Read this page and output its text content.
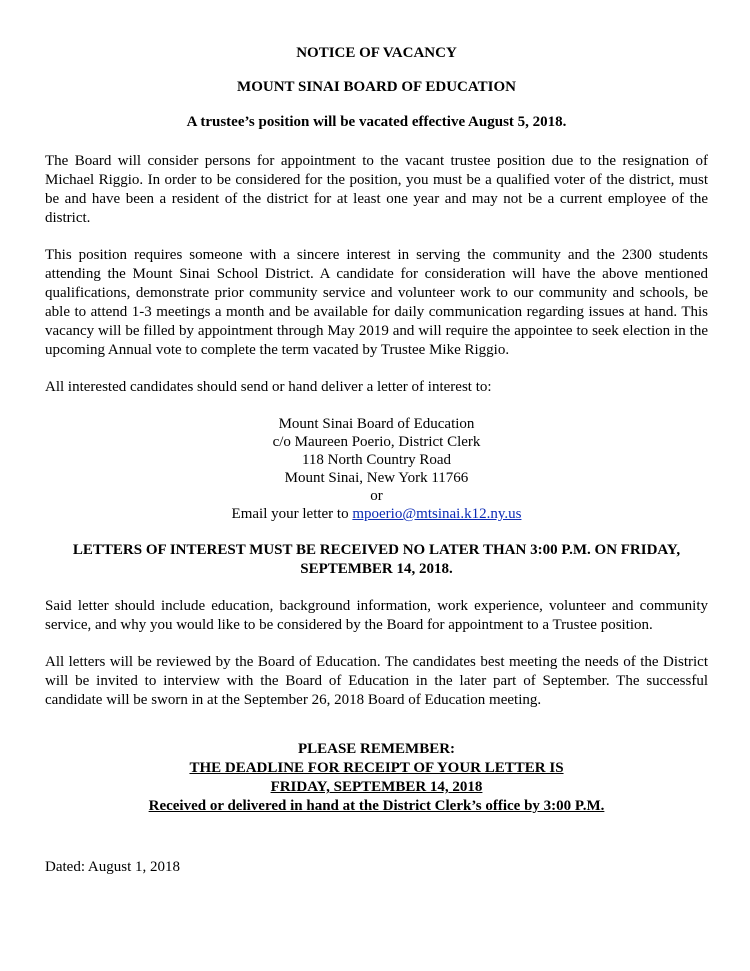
NOTICE OF VACANCY
MOUNT SINAI BOARD OF EDUCATION
A trustee’s position will be vacated effective August 5, 2018.

The Board will consider persons for appointment to the vacant trustee position due to the resignation of Michael Riggio. In order to be considered for the position, you must be a qualified voter of the district, must be and have been a resident of the district for at least one year and may not be a current employee of the district.

This position requires someone with a sincere interest in serving the community and the 2300 students attending the Mount Sinai School District. A candidate for consideration will have the above mentioned qualifications, demonstrate prior community service and volunteer work to our community and schools, be able to attend 1-3 meetings a month and be available for daily communication regarding issues at hand. This vacancy will be filled by appointment through May 2019 and will require the appointee to seek election in the upcoming Annual vote to complete the term vacated by Trustee Mike Riggio.

All interested candidates should send or hand deliver a letter of interest to:

Mount Sinai Board of Education
c/o Maureen Poerio, District Clerk
118 North Country Road
Mount Sinai, New York 11766
or
Email your letter to mpoerio@mtsinai.k12.ny.us
LETTERS OF INTEREST MUST BE RECEIVED NO LATER THAN 3:00 P.M. ON FRIDAY,
SEPTEMBER 14, 2018.

Said letter should include education, background information, work experience, volunteer and community service, and why you would like to be considered by the Board for appointment to a Trustee position.

All letters will be reviewed by the Board of Education. The candidates best meeting the needs of the District will be invited to interview with the Board of Education in the later part of September. The successful candidate will be sworn in at the September 26, 2018 Board of Education meeting.

PLEASE REMEMBER:
THE DEADLINE FOR RECEIPT OF YOUR LETTER IS
FRIDAY, SEPTEMBER 14, 2018
Received or delivered in hand at the District Clerk’s office by 3:00 P.M.
Dated: August 1, 2018
